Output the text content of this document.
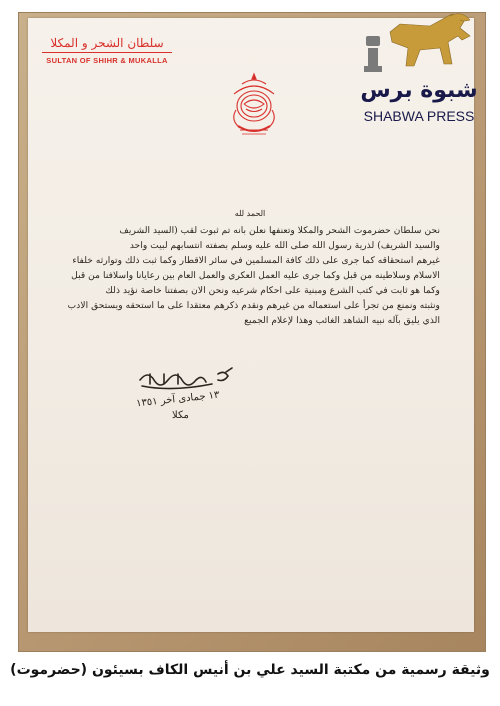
سلطان الشحر و المكلا
SULTAN OF SHIHR & MUKALLA
الحمد لله
نحن سلطان حضرموت الشحر والمكلا وتعنفها نعلن بانه تم ثبوت لقب (السيد الشريف
والسيد الشريف) لذرية رسول الله صلى الله عليه وسلم بصفته انتسابهم لبيت واحد
غيرهم استحقاقه كما جرى على ذلك كافة المسلمين في سائر الاقطار وكما ثبت ذلك وتوارثه خلفاء
الاسلام وسلاطينه من قبل وكما جرى عليه العمل العكري والعمل العام بين رعايانا واسلافنا من قبل
وكما هو ثابت في كتب الشرع ومبنية على احكام شرعيه ونحن الان بصفتنا خاصة نؤيد ذلك
ونثبته ونمنع من تجرأ على استعماله من غيرهم ونقدم ذكرهم معتقدا على ما استحقه ويستحق الادب
الذي يليق بآله نبيه الشاهد الغائب وهذا لإعلام الجميع
١٣ جمادى آخر ١٣٥١
مكلا
شبوة برس
SHABWA PRESS
وثيقة رسمية من مكتبة السيد علي بن أنيس الكاف بسيئون (حضرموت)
